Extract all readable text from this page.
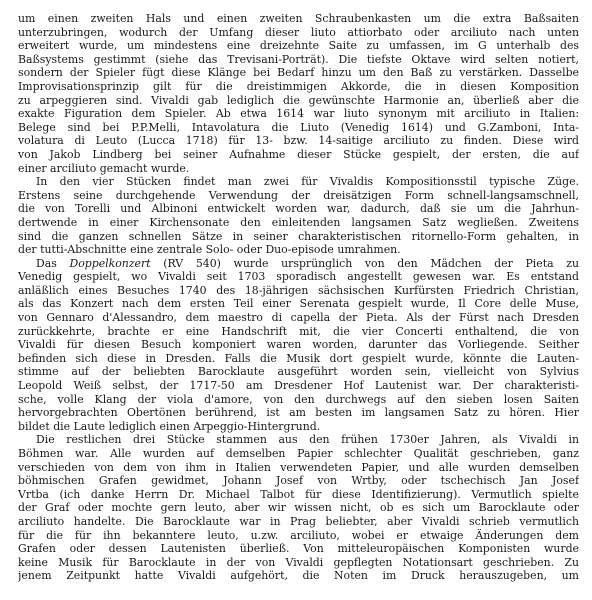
um einen zweiten Hals und einen zweiten Schraubenkasten um die extra Baßsaiten
unterzubringen, wodurch der Umfang dieser liuto attiorbato oder arciliuto nach unten
erweitert wurde, um mindestens eine dreizehnte Saite zu umfassen, im G unterhalb des
Baßsystems gestimmt (siehe das Trevisani-Porträt). Die tiefste Oktave wird selten notiert,
sondern der Spieler fügt diese Klänge bei Bedarf hinzu um den Baß zu verstärken. Dasselbe
Improvisationsprinzip gilt für die dreistimmigen Akkorde, die in diesen Komposition
zu arpeggieren sind. Vivaldi gab lediglich die gewünschte Harmonie an, überließ aber die
exakte Figuration dem Spieler. Ab etwa 1614 war liuto synonym mit arciliuto in Italien:
Belege sind bei P.P.Melli, Intavolatura die Liuto (Venedig 1614) und G.Zamboni, Inta-
volatura di Leuto (Lucca 1718) für 13- bzw. 14-saitige arciliuto zu finden. Diese wird
von Jakob Lindberg bei seiner Aufnahme dieser Stücke gespielt, der ersten, die auf
einer arciliuto gemacht wurde.
In den vier Stücken findet man zwei für Vivaldis Kompositionsstil typische Züge.
Erstens seine durchgehende Verwendung der dreisätzigen Form schnell-langsamschnell,
die von Torelli und Albinoni entwickelt worden war, dadurch, daß sie um die Jahrhun-
dertwende in einer Kirchensonate den einleitenden langsamen Satz wegließen. Zweitens
sind die ganzen schnellen Sätze in seiner charakteristischen ritornello-Form gehalten, in
der tutti-Abschnitte eine zentrale Solo- oder Duo-episode umrahmen.
Das Doppelkonzert (RV 540) wurde ursprünglich von den Mädchen der Pieta zu
Venedig gespielt, wo Vivaldi seit 1703 sporadisch angestellt gewesen war. Es entstand
anläßlich eines Besuches 1740 des 18-jährigen sächsischen Kurfürsten Friedrich Christian,
als das Konzert nach dem ersten Teil einer Serenata gespielt wurde, Il Core delle Muse,
von Gennaro d'Alessandro, dem maestro di capella der Pieta. Als der Fürst nach Dresden
zurückkehrte, brachte er eine Handschrift mit, die vier Concerti enthaltend, die von
Vivaldi für diesen Besuch komponiert waren worden, darunter das Vorliegende. Seither
befinden sich diese in Dresden. Falls die Musik dort gespielt wurde, könnte die Lauten-
stimme auf der beliebten Barocklaute ausgeführt worden sein, vielleicht von Sylvius
Leopold Weiß selbst, der 1717-50 am Dresdener Hof Lautenist war. Der charakteristi-
sche, volle Klang der viola d'amore, von den durchwegs auf den sieben losen Saiten
hervorgebrachten Obertönen berührend, ist am besten im langsamen Satz zu hören. Hier
bildet die Laute lediglich einen Arpeggio-Hintergrund.
Die restlichen drei Stücke stammen aus den frühen 1730er Jahren, als Vivaldi in
Böhmen war. Alle wurden auf demselben Papier schlechter Qualität geschrieben, ganz
verschieden von dem von ihm in Italien verwendeten Papier, und alle wurden demselben
böhmischen Grafen gewidmet, Johann Josef von Wrtby, oder tschechisch Jan Josef
Vrtba (ich danke Herrn Dr. Michael Talbot für diese Identifizierung). Vermutlich spielte
der Graf oder mochte gern leuto, aber wir wissen nicht, ob es sich um Barocklaute oder
arciliuto handelte. Die Barocklaute war in Prag beliebter, aber Vivaldi schrieb vermutlich
für die für ihn bekanntere leuto, u.zw. arciliuto, wobei er etwaige Änderungen dem
Grafen oder dessen Lautenisten überließ. Von mitteleuropäischen Komponisten wurde
keine Musik für Barocklaute in der von Vivaldi gepflegten Notationsart geschrieben. Zu
jenem Zeitpunkt hatte Vivaldi aufgehört, die Noten im Druck herauszugeben, um
